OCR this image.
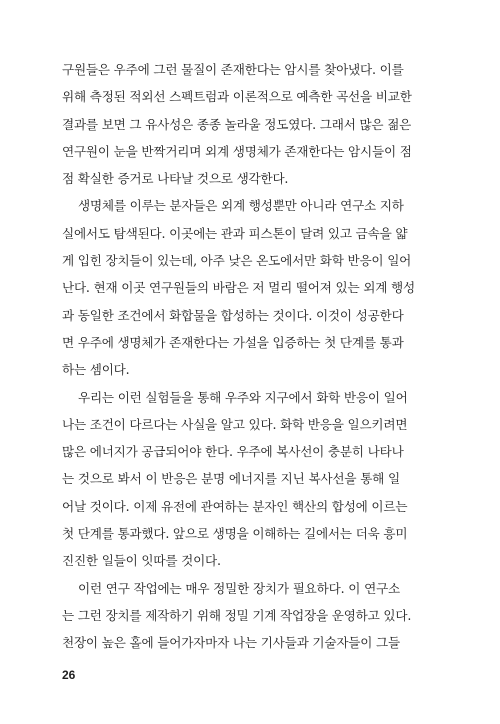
구원들은 우주에 그런 물질이 존재한다는 암시를 찾아냈다. 이를
위해 측정된 적외선 스펙트럼과 이론적으로 예측한 곡선을 비교한
결과를 보면 그 유사성은 종종 놀라울 정도였다. 그래서 많은 젊은
연구원이 눈을 반짝거리며 외계 생명체가 존재한다는 암시들이 점
점 확실한 증거로 나타날 것으로 생각한다.
생명체를 이루는 분자들은 외계 행성뿐만 아니라 연구소 지하
실에서도 탐색된다. 이곳에는 관과 피스톤이 달려 있고 금속을 얇
게 입힌 장치들이 있는데, 아주 낮은 온도에서만 화학 반응이 일어
난다. 현재 이곳 연구원들의 바람은 저 멀리 떨어져 있는 외계 행성
과 동일한 조건에서 화합물을 합성하는 것이다. 이것이 성공한다
면 우주에 생명체가 존재한다는 가설을 입증하는 첫 단계를 통과
하는 셈이다.
우리는 이런 실험들을 통해 우주와 지구에서 화학 반응이 일어
나는 조건이 다르다는 사실을 알고 있다. 화학 반응을 일으키려면
많은 에너지가 공급되어야 한다. 우주에 복사선이 충분히 나타나
는 것으로 봐서 이 반응은 분명 에너지를 지닌 복사선을 통해 일
어날 것이다. 이제 유전에 관여하는 분자인 핵산의 합성에 이르는
첫 단계를 통과했다. 앞으로 생명을 이해하는 길에서는 더욱 흥미
진진한 일들이 잇따를 것이다.
이런 연구 작업에는 매우 정밀한 장치가 필요하다. 이 연구소
는 그런 장치를 제작하기 위해 정밀 기계 작업장을 운영하고 있다.
천장이 높은 홀에 들어가자마자 나는 기사들과 기술자들이 그들
26
